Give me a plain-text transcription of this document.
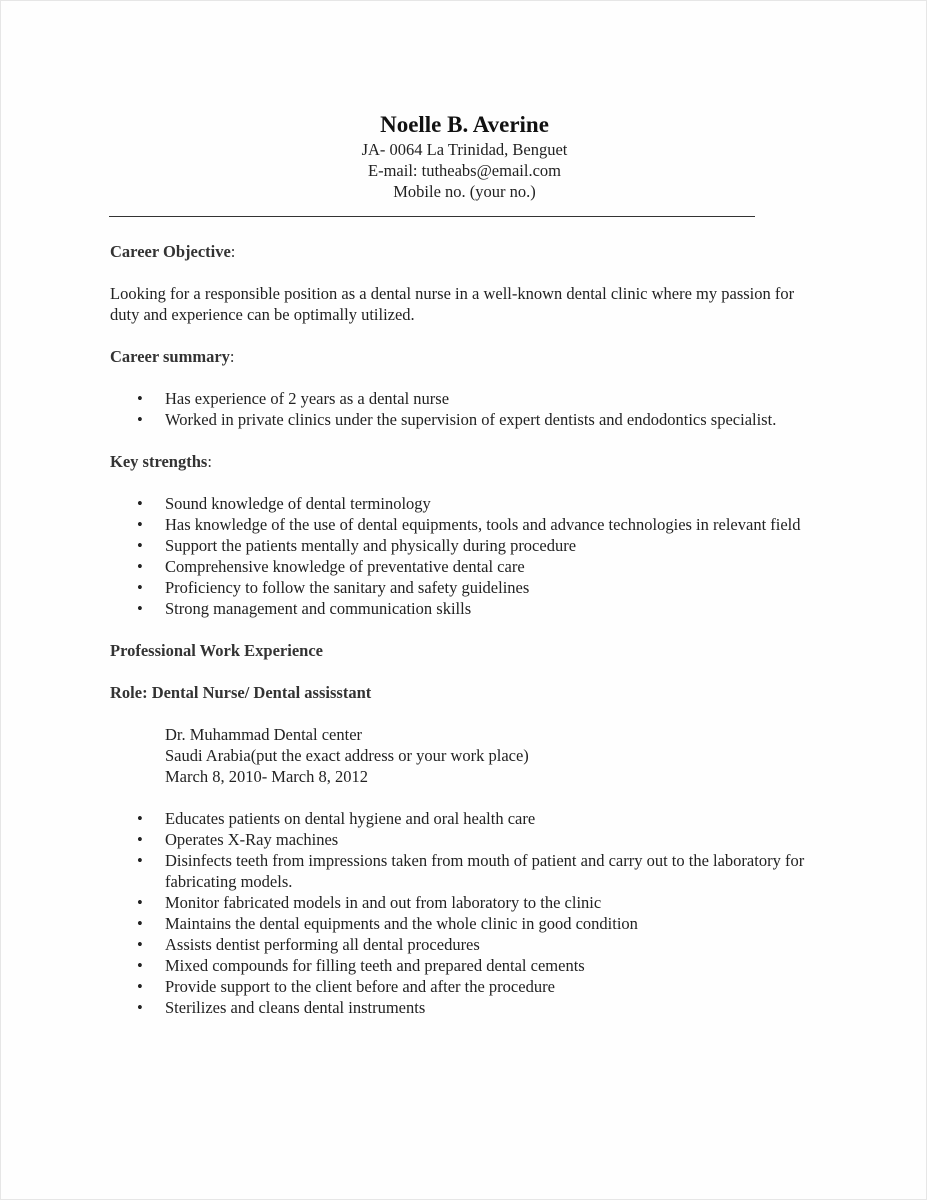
Noelle B. Averine
JA- 0064 La Trinidad, Benguet
E-mail: tutheabs@email.com
Mobile no. (your no.)
Career Objective:

Looking for a responsible position as a dental nurse in a well-known dental clinic where my passion for duty and experience can be optimally utilized.

Career summary:
• Has experience of 2 years as a dental nurse
• Worked in private clinics under the supervision of expert dentists and endodontics specialist.
Key strengths:
• Sound knowledge of dental terminology
• Has knowledge of the use of dental equipments, tools and advance technologies in relevant field
• Support the patients mentally and physically during procedure
• Comprehensive knowledge of preventative dental care
• Proficiency to follow the sanitary and safety guidelines
• Strong management and communication skills
Professional Work Experience
Role: Dental Nurse/ Dental assisstant
Dr. Muhammad Dental center
Saudi Arabia(put the exact address or your work place)
March 8, 2010- March 8, 2012
• Educates patients on dental hygiene and oral health care
• Operates X-Ray machines
• Disinfects teeth from impressions taken from mouth of patient and carry out to the laboratory for fabricating models.
• Monitor fabricated models in and out from laboratory to the clinic
• Maintains the dental equipments and the whole clinic in good condition
• Assists dentist performing all dental procedures
• Mixed compounds for filling teeth and prepared dental cements
• Provide support to the client before and after the procedure
• Sterilizes and cleans dental instruments
